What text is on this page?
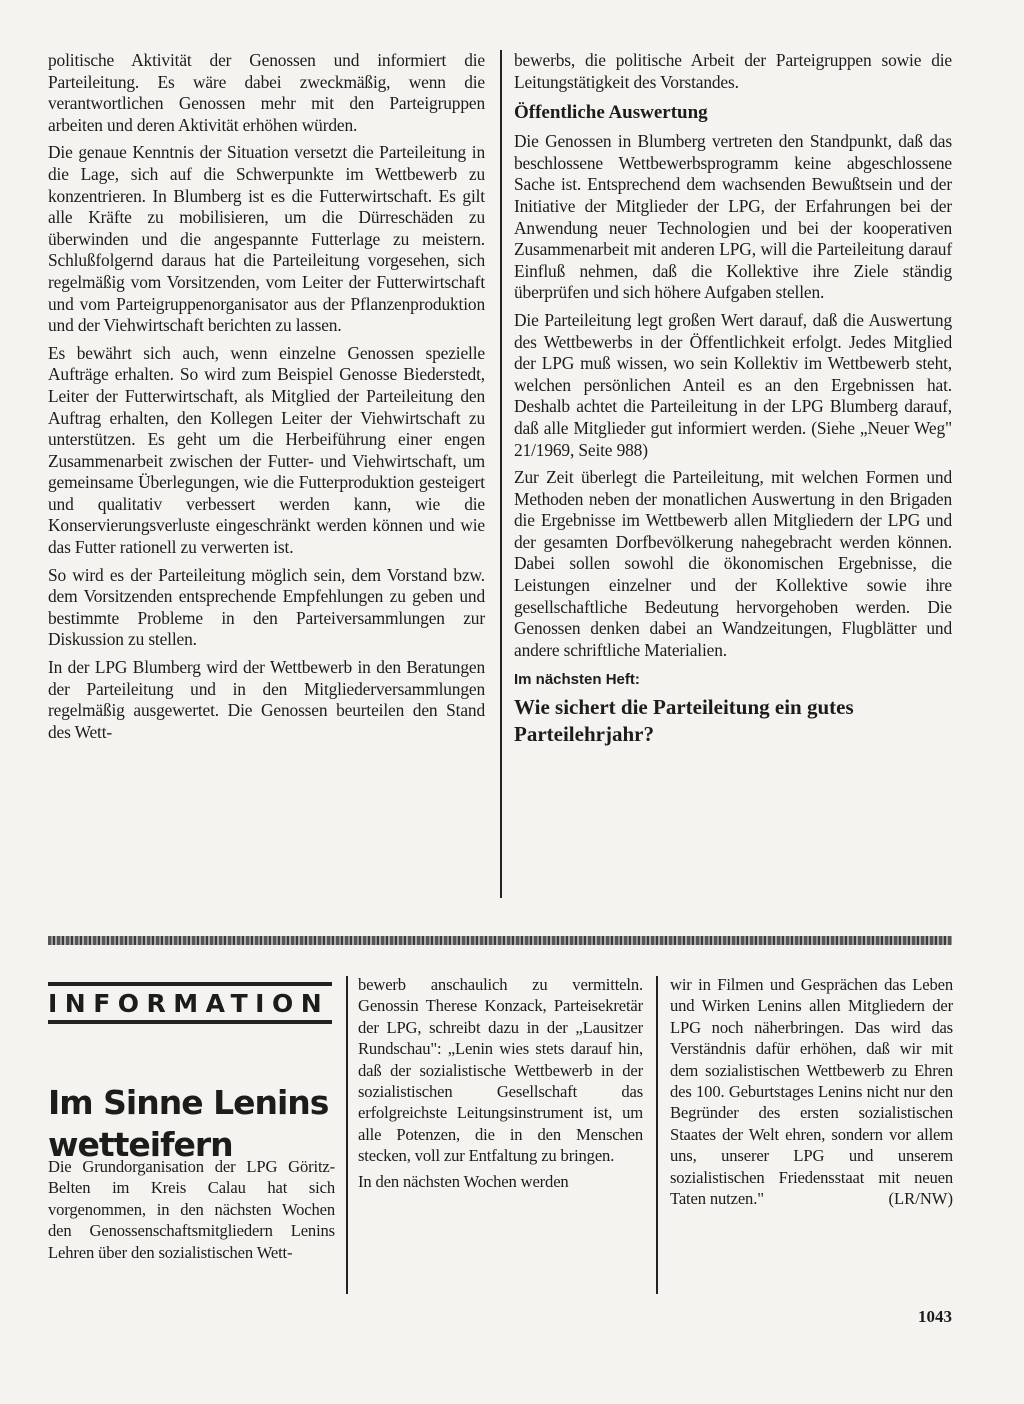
politische Aktivität der Genossen und informiert die Parteileitung. Es wäre dabei zweckmäßig, wenn die verantwortlichen Genossen mehr mit den Parteigruppen arbeiten und deren Aktivität erhöhen würden.

Die genaue Kenntnis der Situation versetzt die Parteileitung in die Lage, sich auf die Schwerpunkte im Wettbewerb zu konzentrieren. In Blumberg ist es die Futterwirtschaft. Es gilt alle Kräfte zu mobilisieren, um die Dürreschäden zu überwinden und die angespannte Futterlage zu meistern. Schlußfolgernd daraus hat die Parteileitung vorgesehen, sich regelmäßig vom Vorsitzenden, vom Leiter der Futterwirtschaft und vom Parteigruppenorganisator aus der Pflanzenproduktion und der Viehwirtschaft berichten zu lassen.

Es bewährt sich auch, wenn einzelne Genossen spezielle Aufträge erhalten. So wird zum Beispiel Genosse Biederstedt, Leiter der Futterwirtschaft, als Mitglied der Parteileitung den Auftrag erhalten, den Kollegen Leiter der Viehwirtschaft zu unterstützen. Es geht um die Herbeiführung einer engen Zusammenarbeit zwischen der Futter- und Viehwirtschaft, um gemeinsame Überlegungen, wie die Futterproduktion gesteigert und qualitativ verbessert werden kann, wie die Konservierungsverluste eingeschränkt werden können und wie das Futter rationell zu verwerten ist.

So wird es der Parteileitung möglich sein, dem Vorstand bzw. dem Vorsitzenden entsprechende Empfehlungen zu geben und bestimmte Probleme in den Parteiversammlungen zur Diskussion zu stellen.

In der LPG Blumberg wird der Wettbewerb in den Beratungen der Parteileitung und in den Mitgliederversammlungen regelmäßig ausgewertet. Die Genossen beurteilen den Stand des Wett-

bewerbs, die politische Arbeit der Parteigruppen sowie die Leitungstätigkeit des Vorstandes.

Öffentliche Auswertung

Die Genossen in Blumberg vertreten den Standpunkt, daß das beschlossene Wettbewerbsprogramm keine abgeschlossene Sache ist. Entsprechend dem wachsenden Bewußtsein und der Initiative der Mitglieder der LPG, der Erfahrungen bei der Anwendung neuer Technologien und bei der kooperativen Zusammenarbeit mit anderen LPG, will die Parteileitung darauf Einfluß nehmen, daß die Kollektive ihre Ziele ständig überprüfen und sich höhere Aufgaben stellen.

Die Parteileitung legt großen Wert darauf, daß die Auswertung des Wettbewerbs in der Öffentlichkeit erfolgt. Jedes Mitglied der LPG muß wissen, wo sein Kollektiv im Wettbewerb steht, welchen persönlichen Anteil es an den Ergebnissen hat. Deshalb achtet die Parteileitung in der LPG Blumberg darauf, daß alle Mitglieder gut informiert werden. (Siehe „Neuer Weg" 21/1969, Seite 988)

Zur Zeit überlegt die Parteileitung, mit welchen Formen und Methoden neben der monatlichen Auswertung in den Brigaden die Ergebnisse im Wettbewerb allen Mitgliedern der LPG und der gesamten Dorfbevölkerung nahegebracht werden können. Dabei sollen sowohl die ökonomischen Ergebnisse, die Leistungen einzelner und der Kollektive sowie ihre gesellschaftliche Bedeutung hervorgehoben werden. Die Genossen denken dabei an Wandzeitungen, Flugblätter und andere schriftliche Materialien.

Im nächsten Heft:
Wie sichert die Parteileitung ein gutes Parteilehrjahr?
INFORMATION
Im Sinne Lenins wetteifern

Die Grundorganisation der LPG Göritz-Belten im Kreis Calau hat sich vorgenommen, in den nächsten Wochen den Genossenschaftsmitgliedern Lenins Lehren über den sozialistischen Wett-

bewerb anschaulich zu vermitteln. Genossin Therese Konzack, Parteisekretär der LPG, schreibt dazu in der „Lausitzer Rundschau": „Lenin wies stets darauf hin, daß der sozialistische Wettbewerb in der sozialistischen Gesellschaft das erfolgreichste Leitungsinstrument ist, um alle Potenzen, die in den Menschen stecken, voll zur Entfaltung zu bringen.

In den nächsten Wochen werden

wir in Filmen und Gesprächen das Leben und Wirken Lenins allen Mitgliedern der LPG noch näherbringen. Das wird das Verständnis dafür erhöhen, daß wir mit dem sozialistischen Wettbewerb zu Ehren des 100. Geburtstages Lenins nicht nur den Begründer des ersten sozialistischen Staates der Welt ehren, sondern vor allem uns, unserer LPG und unserem sozialistischen Friedensstaat mit neuen Taten nutzen."	(LR/NW)
1043
